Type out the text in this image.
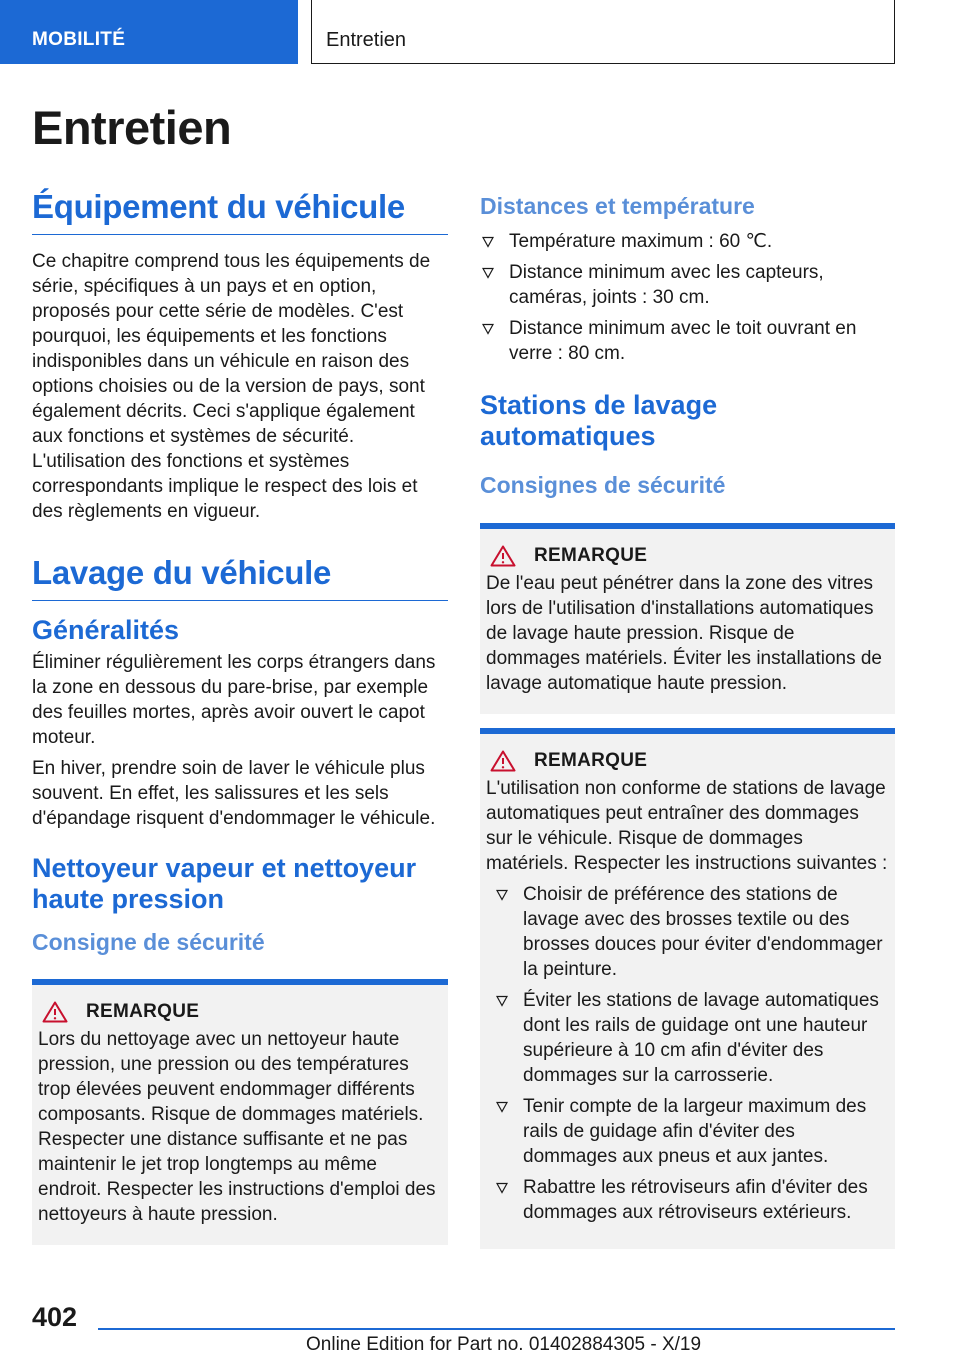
MOBILITÉ	Entretien
Entretien
Équipement du véhicule

Ce chapitre comprend tous les équipements de série, spécifiques à un pays et en option, proposés pour cette série de modèles. C'est pourquoi, les équipements et les fonctions indisponibles dans un véhicule en raison des options choisies ou de la version de pays, sont également décrits. Ceci s'applique également aux fonctions et systèmes de sécurité. L'utilisation des fonctions et systèmes correspondants implique le respect des lois et des règlements en vigueur.

Lavage du véhicule
Généralités

Éliminer régulièrement les corps étrangers dans la zone en dessous du pare-brise, par exemple des feuilles mortes, après avoir ouvert le capot moteur.

En hiver, prendre soin de laver le véhicule plus souvent. En effet, les salissures et les sels d'épandage risquent d'endommager le véhicule.

Nettoyeur vapeur et nettoyeur haute pression
Consigne de sécurité
REMARQUE

Lors du nettoyage avec un nettoyeur haute pression, une pression ou des températures trop élevées peuvent endommager différents composants. Risque de dommages matériels. Respecter une distance suffisante et ne pas maintenir le jet trop longtemps au même endroit. Respecter les instructions d'emploi des nettoyeurs à haute pression.

Distances et température
Température maximum : 60 ℃.
Distance minimum avec les capteurs, caméras, joints : 30 cm.
Distance minimum avec le toit ouvrant en verre : 80 cm.
Stations de lavage automatiques
Consignes de sécurité
REMARQUE

De l'eau peut pénétrer dans la zone des vitres lors de l'utilisation d'installations automatiques de lavage haute pression. Risque de dommages matériels. Éviter les installations de lavage automatique haute pression.

REMARQUE

L'utilisation non conforme de stations de lavage automatiques peut entraîner des dommages sur le véhicule. Risque de dommages matériels. Respecter les instructions suivantes :

Choisir de préférence des stations de lavage avec des brosses textile ou des brosses douces pour éviter d'endommager la peinture.
Éviter les stations de lavage automatiques dont les rails de guidage ont une hauteur supérieure à 10 cm afin d'éviter des dommages sur la carrosserie.
Tenir compte de la largeur maximum des rails de guidage afin d'éviter des dommages aux pneus et aux jantes.
Rabattre les rétroviseurs afin d'éviter des dommages aux rétroviseurs extérieurs.
402
Online Edition for Part no. 01402884305 - X/19
